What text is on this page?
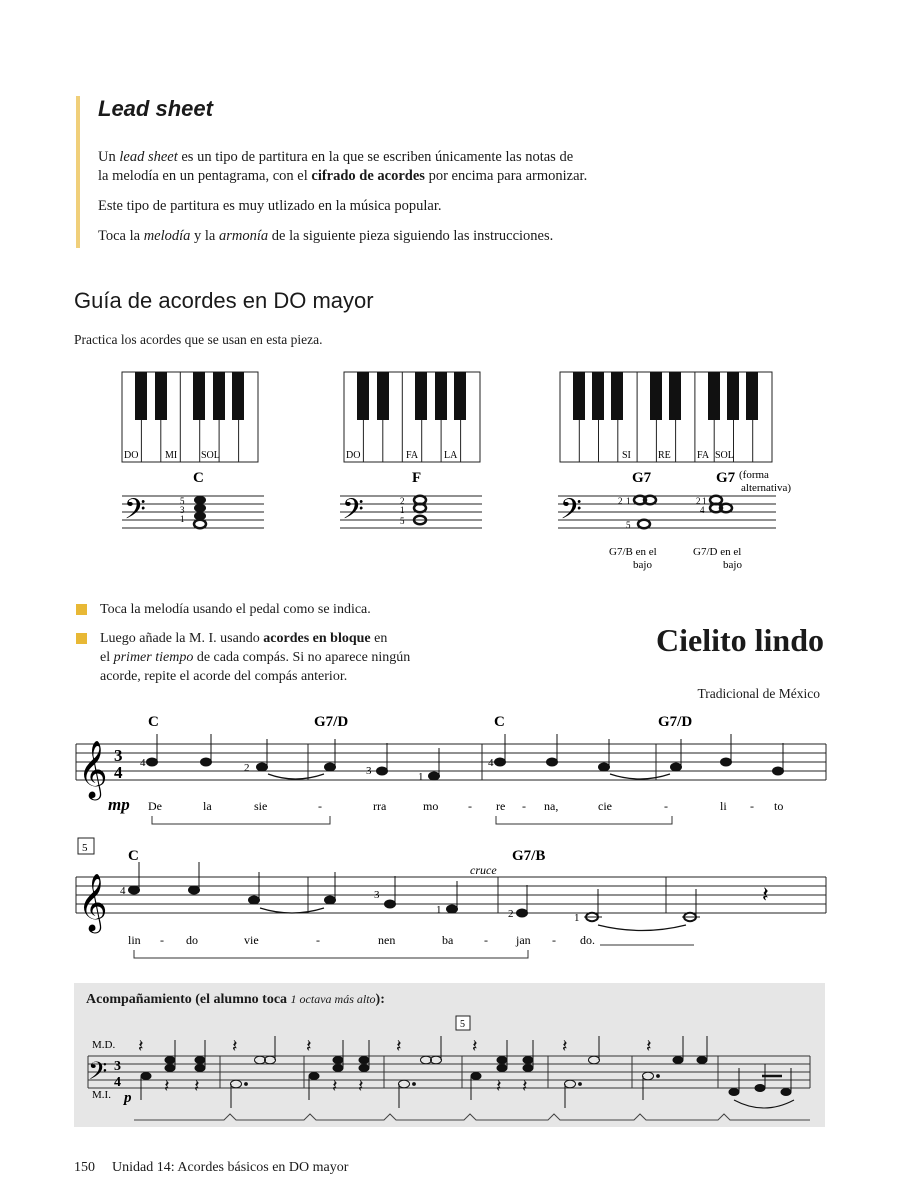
Lead sheet
Un lead sheet es un tipo de partitura en la que se escriben únicamente las notas de
la melodía en un pentagrama, con el cifrado de acordes por encima para armonizar.
Este tipo de partitura es muy utlizado en la música popular.
Toca la melodía y la armonía de la siguiente pieza siguiendo las instrucciones.
Guía de acordes en DO mayor
Practica los acordes que se usan en esta pieza.
DO	MI SOL	DO	FA	LA	SI	RE	FA SOL
C	F	G7	G7 (forma
alternativa)
𝄢	𝄢	𝄢
5
3
1
2
1
5
2 1
5
2 1
4
G7/B en el
bajo
G7/D en el
bajo
Toca la melodía usando el pedal como se indica.
Luego añade la M. I. usando acordes en bloque en
el primer tiempo de cada compás. Si no aparece ningún
acorde, repite el acorde del compás anterior.
Cielito lindo
Tradicional de México
C	G7/D	C	G7/D
𝄞 3
4 4	2	3	1
4
mp De	la	sie	-	rra	mo - re - na,	cie	-	li - to
5	C	G7/B
cruce
𝄞	𝄽
4	3
1	2	1
lin - do	vie	-	nen	ba	- jan - do.
Acompañamiento (el alumno toca 1 octava más alto):
5
M.D.
M.I. p
𝄢 3
4
𝄽	𝄽	𝄽	𝄽	𝄽	𝄽	𝄽
𝄽 𝄽	𝄽 𝄽	𝄽 𝄽
150 Unidad 14: Acordes básicos en DO mayor
